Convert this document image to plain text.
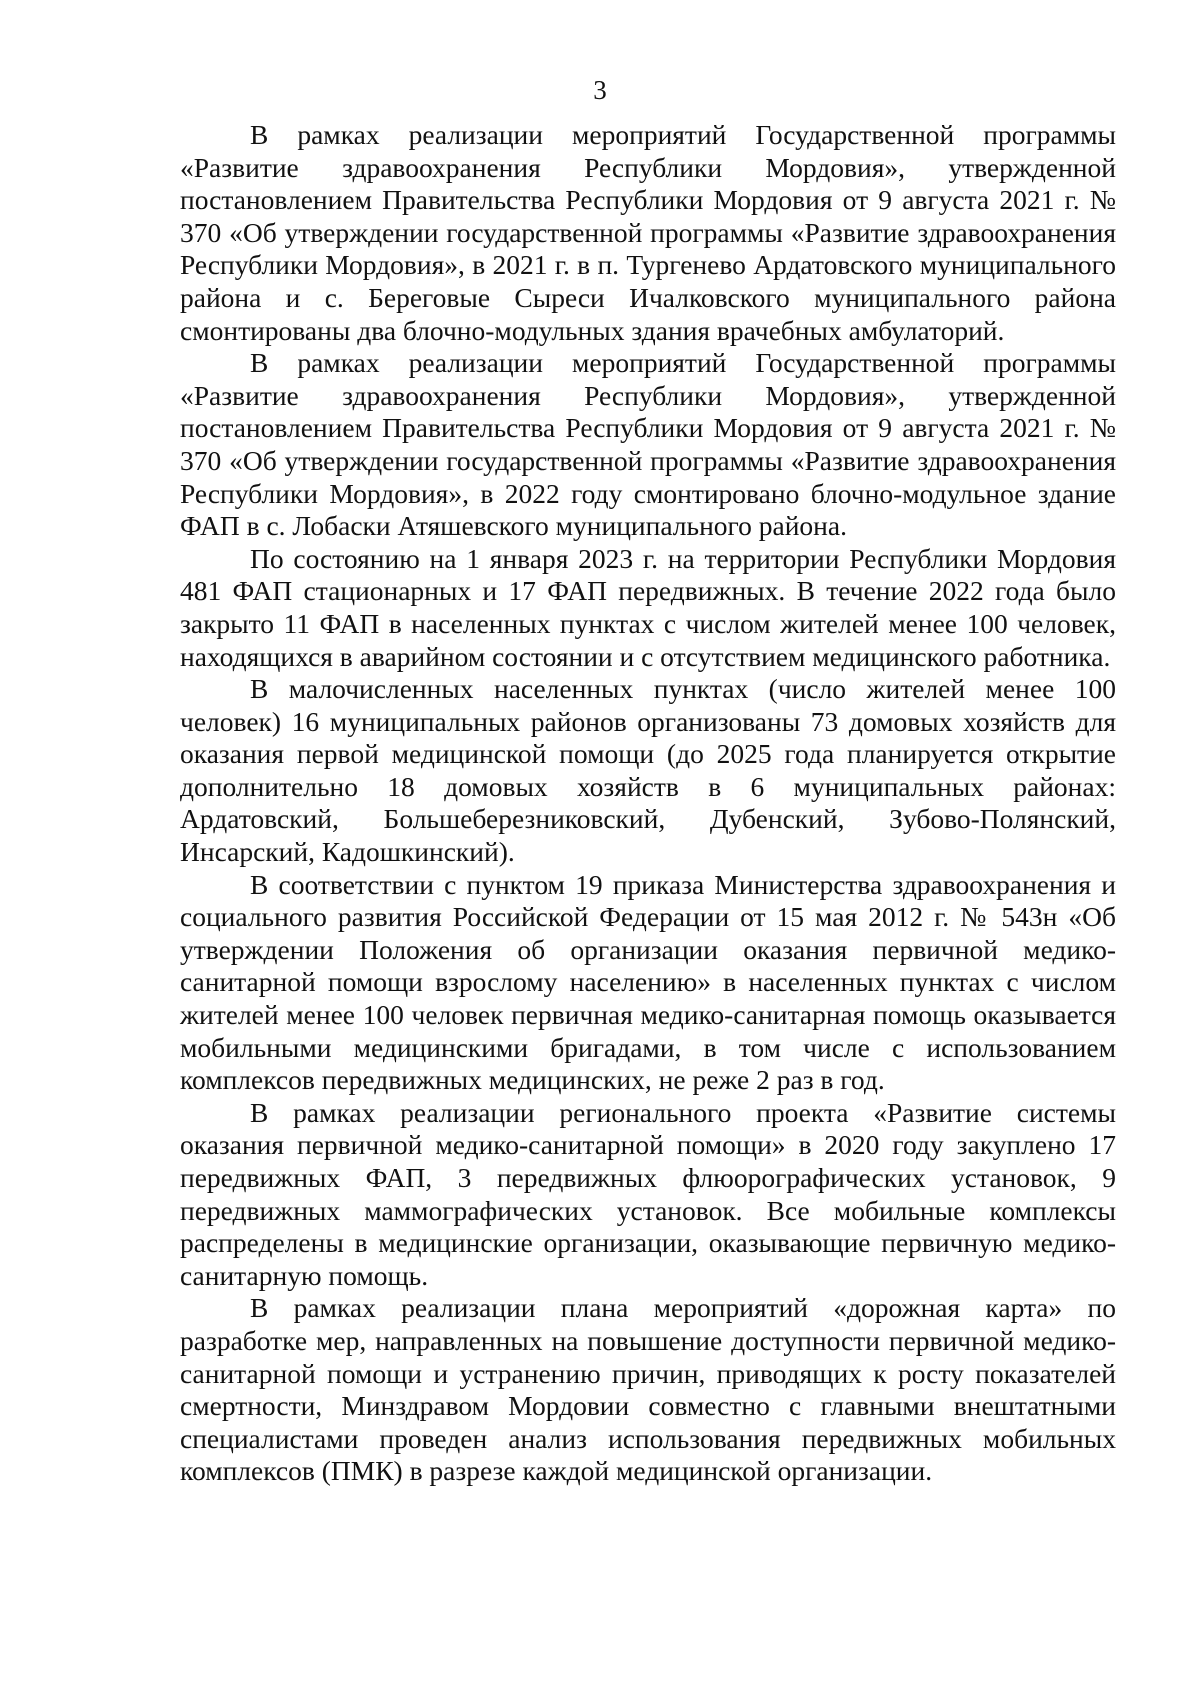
3

В рамках реализации мероприятий Государственной программы «Развитие здравоохранения Республики Мордовия», утвержденной постановлением Правительства Республики Мордовия от 9 августа 2021 г. № 370 «Об утверждении государственной программы «Развитие здравоохранения Республики Мордовия», в 2021 г. в п. Тургенево Ардатовского муниципального района и с. Береговые Сыреси Ичалковского муниципального района смонтированы два блочно-модульных здания врачебных амбулаторий.

В рамках реализации мероприятий Государственной программы «Развитие здравоохранения Республики Мордовия», утвержденной постановлением Правительства Республики Мордовия от 9 августа 2021 г. № 370 «Об утверждении государственной программы «Развитие здравоохранения Республики Мордовия», в 2022 году смонтировано блочно-модульное здание ФАП в с. Лобаски Атяшевского муниципального района.

По состоянию на 1 января 2023 г. на территории Республики Мордовия 481 ФАП стационарных и 17 ФАП передвижных. В течение 2022 года было закрыто 11 ФАП в населенных пунктах с числом жителей менее 100 человек, находящихся в аварийном состоянии и с отсутствием медицинского работника.

В малочисленных населенных пунктах (число жителей менее 100 человек) 16 муниципальных районов организованы 73 домовых хозяйств для оказания первой медицинской помощи (до 2025 года планируется открытие дополнительно 18 домовых хозяйств в 6 муниципальных районах: Ардатовский, Большеберезниковский, Дубенский, Зубово-Полянский, Инсарский, Кадошкинский).

В соответствии с пунктом 19 приказа Министерства здравоохранения и социального развития Российской Федерации от 15 мая 2012 г. № 543н «Об утверждении Положения об организации оказания первичной медико-санитарной помощи взрослому населению» в населенных пунктах с числом жителей менее 100 человек первичная медико-санитарная помощь оказывается мобильными медицинскими бригадами, в том числе с использованием комплексов передвижных медицинских, не реже 2 раз в год.

В рамках реализации регионального проекта «Развитие системы оказания первичной медико-санитарной помощи» в 2020 году закуплено 17 передвижных ФАП, 3 передвижных флюорографических установок, 9 передвижных маммографических установок. Все мобильные комплексы распределены в медицинские организации, оказывающие первичную медико-санитарную помощь.

В рамках реализации плана мероприятий «дорожная карта» по разработке мер, направленных на повышение доступности первичной медико-санитарной помощи и устранению причин, приводящих к росту показателей смертности, Минздравом Мордовии совместно с главными внештатными специалистами проведен анализ использования передвижных мобильных комплексов (ПМК) в разрезе каждой медицинской организации.
